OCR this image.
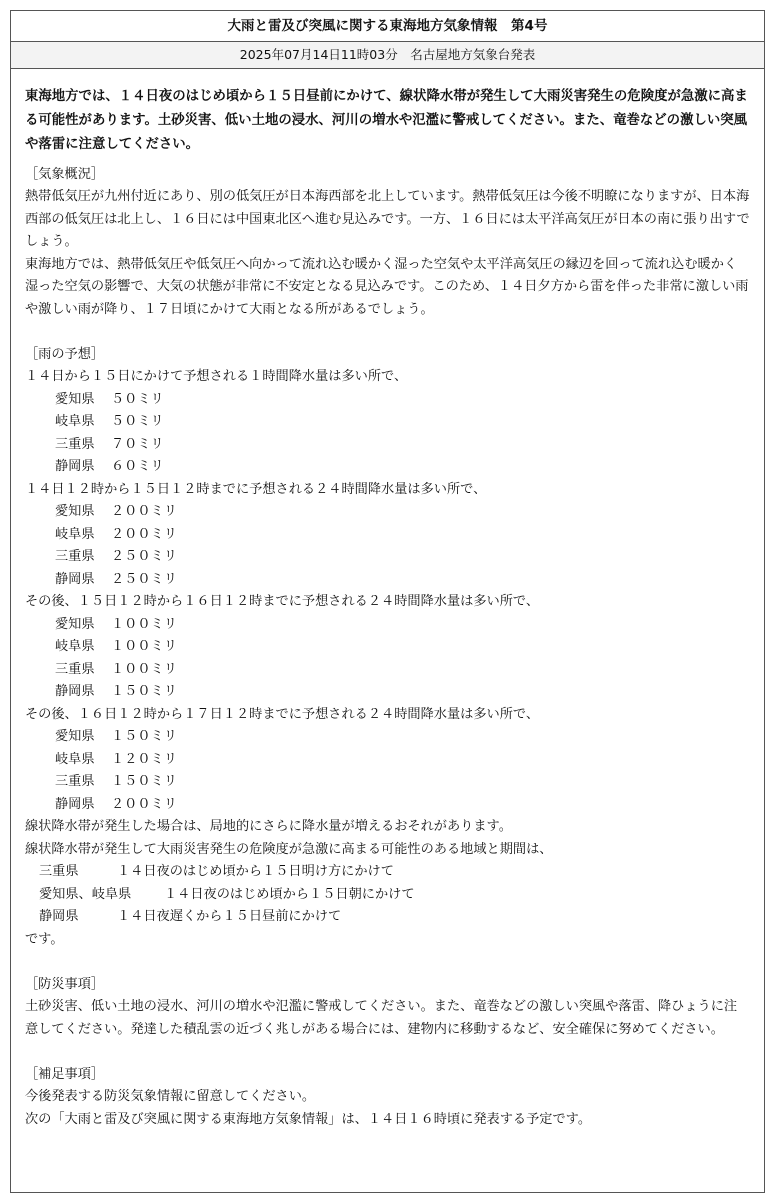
大雨と雷及び突風に関する東海地方気象情報　第4号
2025年07月14日11時03分　名古屋地方気象台発表

東海地方では、１４日夜のはじめ頃から１５日昼前にかけて、線状降水帯が発生して大雨災害発生の危険度が急激に高まる可能性があります。土砂災害、低い土地の浸水、河川の増水や氾濫に警戒してください。また、竜巻などの激しい突風や落雷に注意してください。

［気象概況］

熱帯低気圧が九州付近にあり、別の低気圧が日本海西部を北上しています。熱帯低気圧は今後不明瞭になりますが、日本海西部の低気圧は北上し、１６日には中国東北区へ進む見込みです。一方、１６日には太平洋高気圧が日本の南に張り出すでしょう。

東海地方では、熱帯低気圧や低気圧へ向かって流れ込む暖かく湿った空気や太平洋高気圧の縁辺を回って流れ込む暖かく湿った空気の影響で、大気の状態が非常に不安定となる見込みです。このため、１４日夕方から雷を伴った非常に激しい雨や激しい雨が降り、１７日頃にかけて大雨となる所があるでしょう。

［雨の予想］
１４日から１５日にかけて予想される１時間降水量は多い所で、
愛知県 ５０ミリ
岐阜県 ５０ミリ
三重県 ７０ミリ
静岡県 ６０ミリ
１４日１２時から１５日１２時までに予想される２４時間降水量は多い所で、
愛知県 ２００ミリ
岐阜県 ２００ミリ
三重県 ２５０ミリ
静岡県 ２５０ミリ
その後、１５日１２時から１６日１２時までに予想される２４時間降水量は多い所で、
愛知県 １００ミリ
岐阜県 １００ミリ
三重県 １００ミリ
静岡県 １５０ミリ
その後、１６日１２時から１７日１２時までに予想される２４時間降水量は多い所で、
愛知県 １５０ミリ
岐阜県 １２０ミリ
三重県 １５０ミリ
静岡県 ２００ミリ
線状降水帯が発生した場合は、局地的にさらに降水量が増えるおそれがあります。
線状降水帯が発生して大雨災害発生の危険度が急激に高まる可能性のある地域と期間は、
三重県	１４日夜のはじめ頃から１５日明け方にかけて
愛知県、岐阜県 １４日夜のはじめ頃から１５日朝にかけて
静岡県	１４日夜遅くから１５日昼前にかけて
です。
［防災事項］

土砂災害、低い土地の浸水、河川の増水や氾濫に警戒してください。また、竜巻などの激しい突風や落雷、降ひょうに注意してください。発達した積乱雲の近づく兆しがある場合には、建物内に移動するなど、安全確保に努めてください。

［補足事項］
今後発表する防災気象情報に留意してください。
次の「大雨と雷及び突風に関する東海地方気象情報」は、１４日１６時頃に発表する予定です。
